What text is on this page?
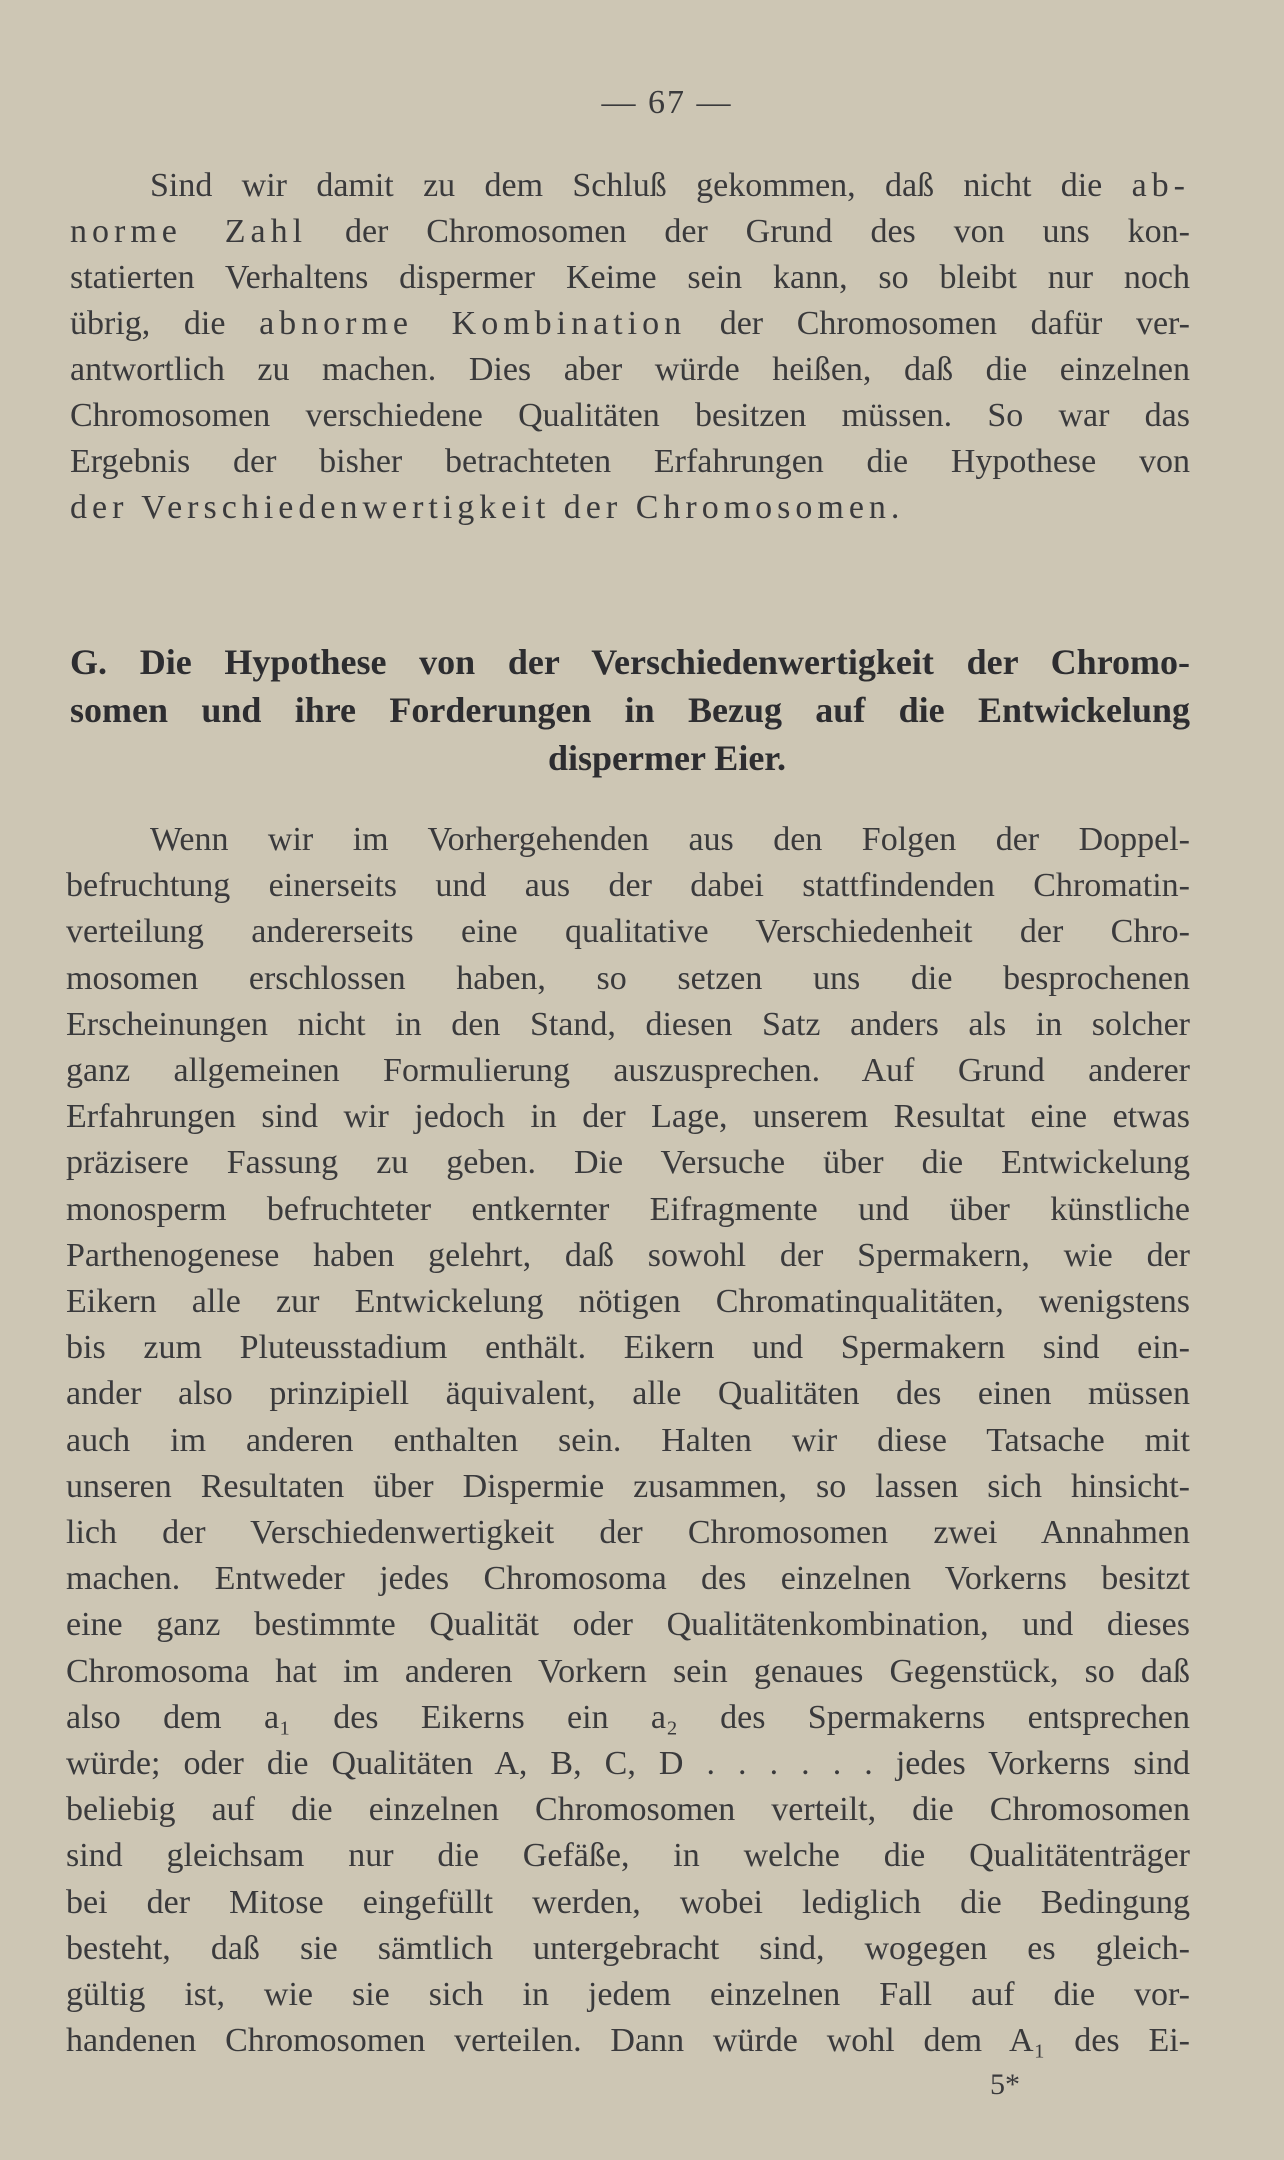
— 67 —
Sind wir damit zu dem Schluß gekommen, daß nicht die ab-
norme Zahl der Chromosomen der Grund des von uns kon-
statierten Verhaltens dispermer Keime sein kann, so bleibt nur noch
übrig, die abnorme Kombination der Chromosomen dafür ver-
antwortlich zu machen. Dies aber würde heißen, daß die einzelnen
Chromosomen verschiedene Qualitäten besitzen müssen. So war das
Ergebnis der bisher betrachteten Erfahrungen die Hypothese von
der Verschiedenwertigkeit der Chromosomen.
G. Die Hypothese von der Verschiedenwertigkeit der Chromo-
somen und ihre Forderungen in Bezug auf die Entwickelung
dispermer Eier.
Wenn wir im Vorhergehenden aus den Folgen der Doppel-
befruchtung einerseits und aus der dabei stattfindenden Chromatin-
verteilung andererseits eine qualitative Verschiedenheit der Chro-
mosomen erschlossen haben, so setzen uns die besprochenen
Erscheinungen nicht in den Stand, diesen Satz anders als in solcher
ganz allgemeinen Formulierung auszusprechen. Auf Grund anderer
Erfahrungen sind wir jedoch in der Lage, unserem Resultat eine etwas
präzisere Fassung zu geben. Die Versuche über die Entwickelung
monosperm befruchteter entkernter Eifragmente und über künstliche
Parthenogenese haben gelehrt, daß sowohl der Spermakern, wie der
Eikern alle zur Entwickelung nötigen Chromatinqualitäten, wenigstens
bis zum Pluteusstadium enthält. Eikern und Spermakern sind ein-
ander also prinzipiell äquivalent, alle Qualitäten des einen müssen
auch im anderen enthalten sein. Halten wir diese Tatsache mit
unseren Resultaten über Dispermie zusammen, so lassen sich hinsicht-
lich der Verschiedenwertigkeit der Chromosomen zwei Annahmen
machen. Entweder jedes Chromosoma des einzelnen Vorkerns besitzt
eine ganz bestimmte Qualität oder Qualitätenkombination, und dieses
Chromosoma hat im anderen Vorkern sein genaues Gegenstück, so daß
also dem a₁ des Eikerns ein a₂ des Spermakerns entsprechen
würde; oder die Qualitäten A, B, C, D . . . . . . jedes Vorkerns sind
beliebig auf die einzelnen Chromosomen verteilt, die Chromosomen
sind gleichsam nur die Gefäße, in welche die Qualitätenträger
bei der Mitose eingefüllt werden, wobei lediglich die Bedingung
besteht, daß sie sämtlich untergebracht sind, wogegen es gleich-
gültig ist, wie sie sich in jedem einzelnen Fall auf die vor-
handenen Chromosomen verteilen. Dann würde wohl dem A₁ des Ei-
5*
